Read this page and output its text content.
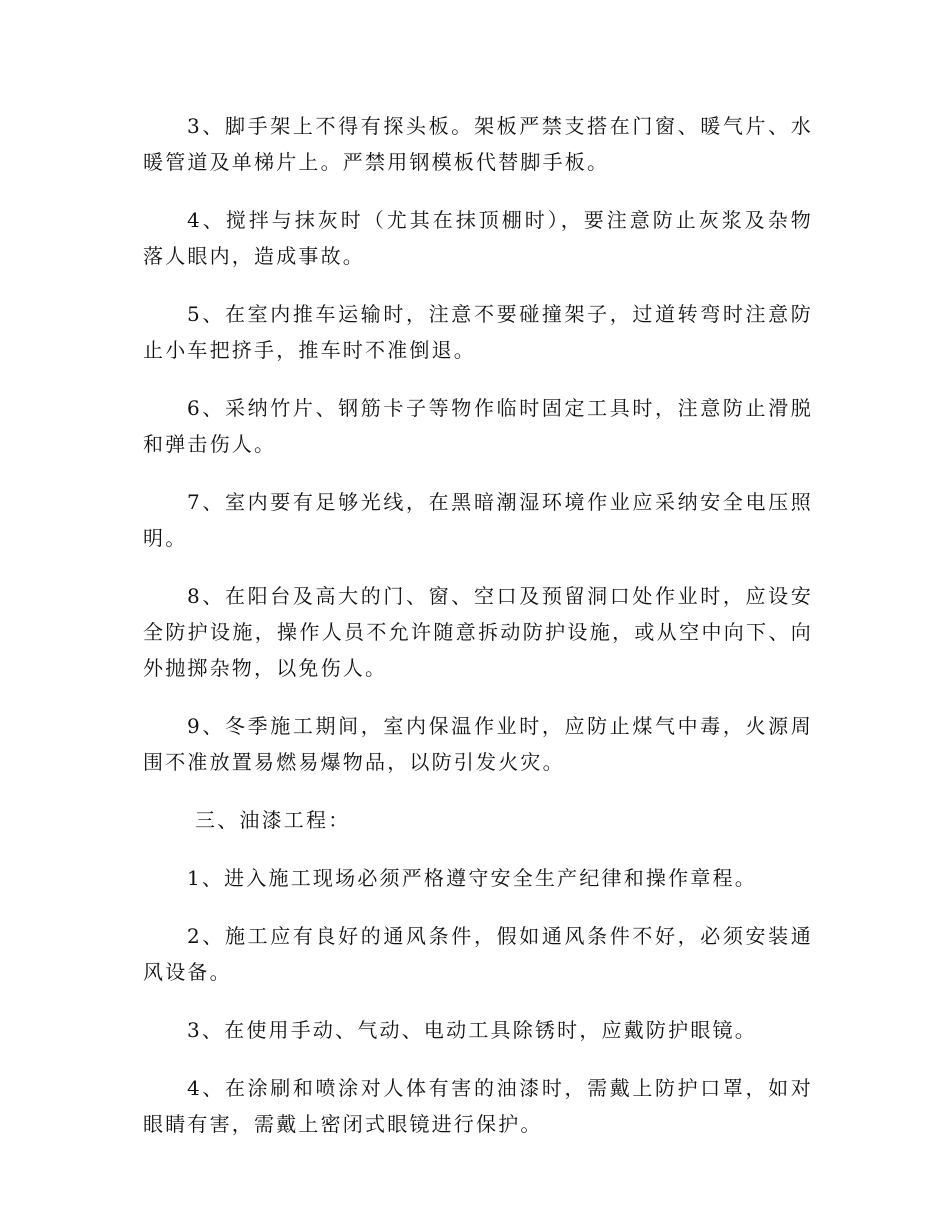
3、脚手架上不得有探头板。架板严禁支搭在门窗、暖气片、水暖管道及单梯片上。严禁用钢模板代替脚手板。

4、搅拌与抹灰时（尤其在抹顶棚时），要注意防止灰浆及杂物落人眼内，造成事故。

5、在室内推车运输时，注意不要碰撞架子，过道转弯时注意防止小车把挤手，推车时不准倒退。

6、采纳竹片、钢筋卡子等物作临时固定工具时，注意防止滑脱和弹击伤人。

7、室内要有足够光线，在黑暗潮湿环境作业应采纳安全电压照明。

8、在阳台及高大的门、窗、空口及预留洞口处作业时，应设安全防护设施，操作人员不允许随意拆动防护设施，或从空中向下、向外抛掷杂物，以免伤人。

9、冬季施工期间，室内保温作业时，应防止煤气中毒，火源周围不准放置易燃易爆物品，以防引发火灾。

三、油漆工程：

1、进入施工现场必须严格遵守安全生产纪律和操作章程。

2、施工应有良好的通风条件，假如通风条件不好，必须安装通风设备。

3、在使用手动、气动、电动工具除锈时，应戴防护眼镜。

4、在涂刷和喷涂对人体有害的油漆时，需戴上防护口罩，如对眼睛有害，需戴上密闭式眼镜进行保护。
